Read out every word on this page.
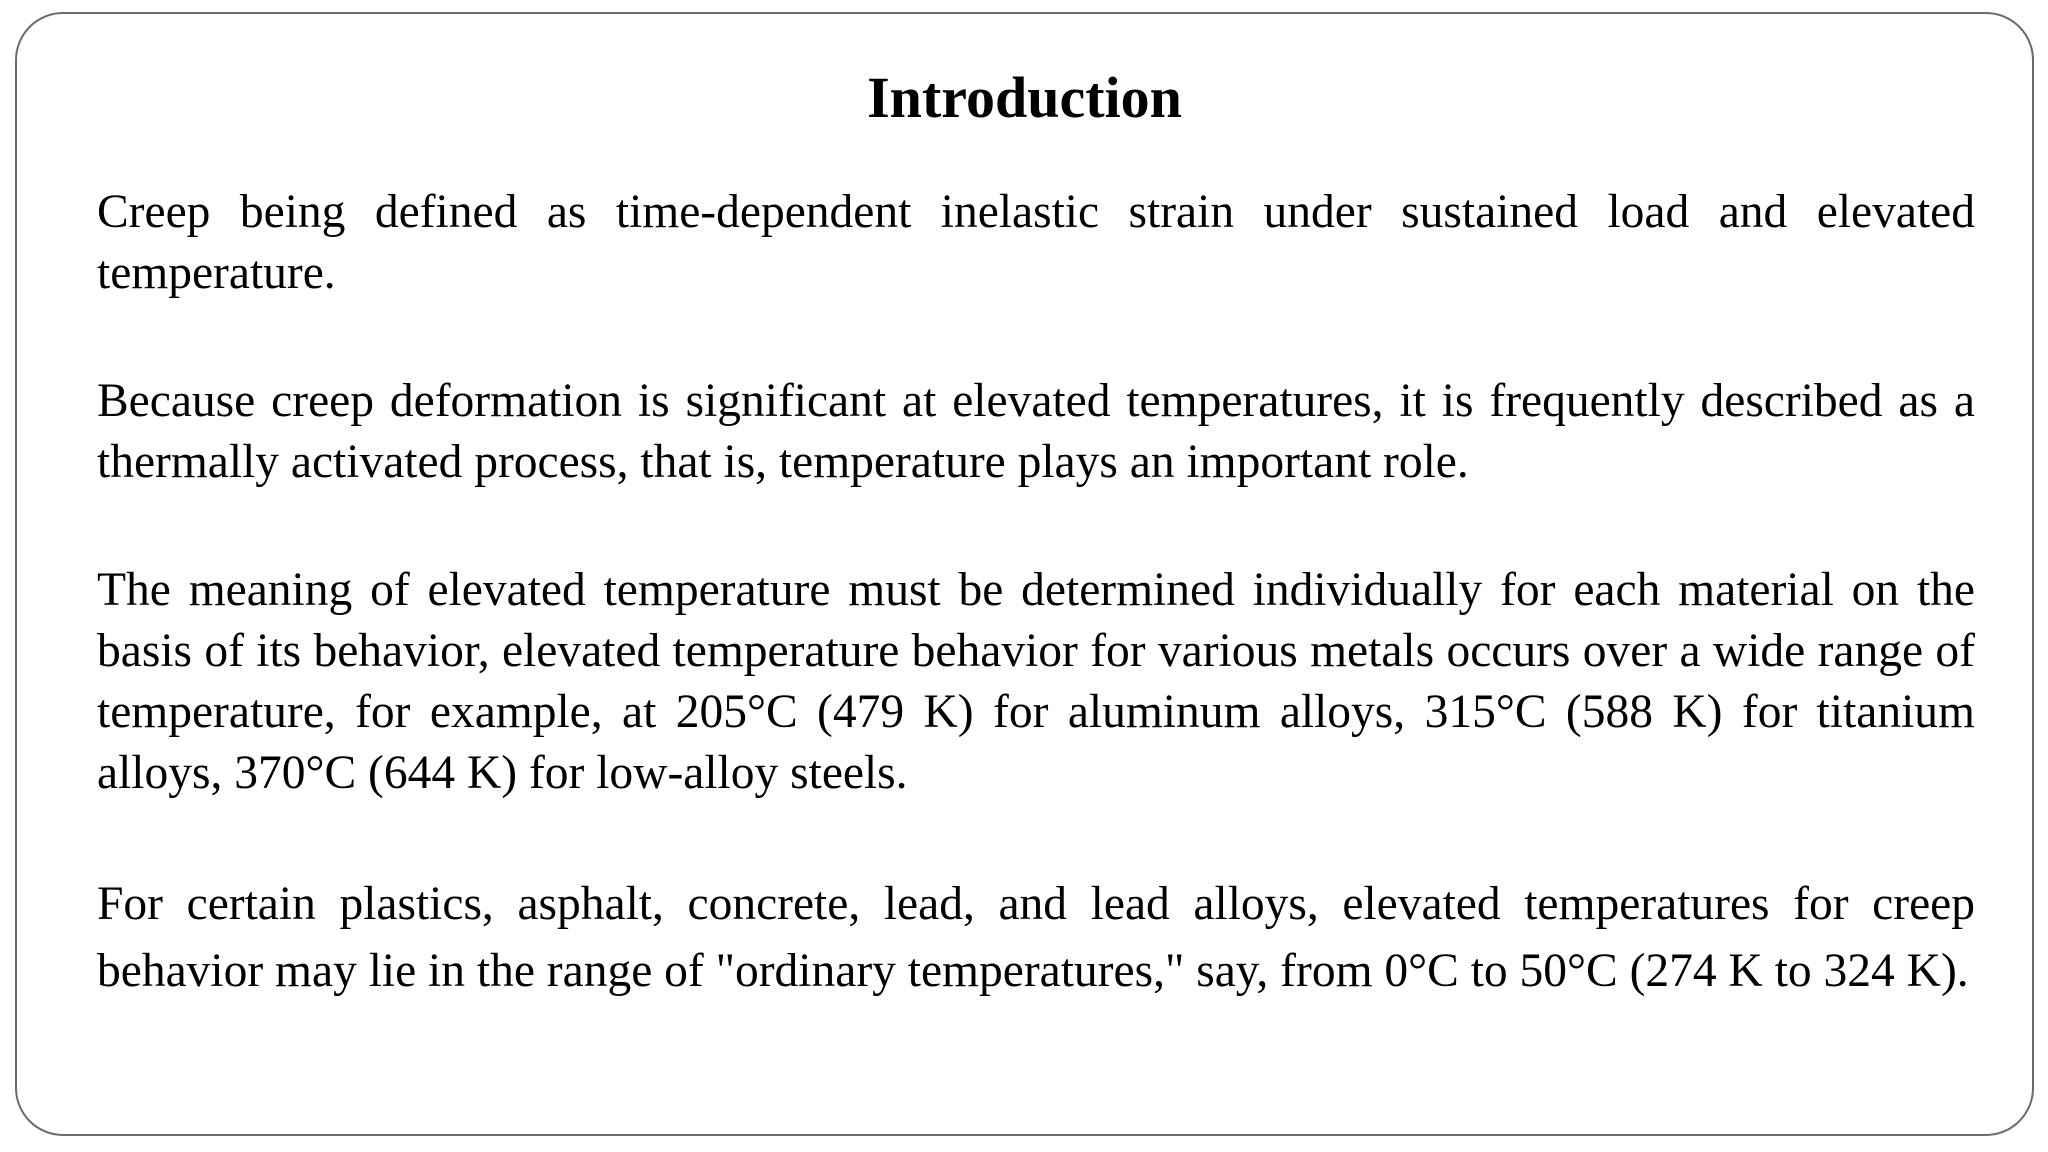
Introduction

Creep being defined as time-dependent inelastic strain under sustained load and elevated temperature.

Because creep deformation is significant at elevated temperatures, it is frequently described as a thermally activated process, that is, temperature plays an important role.

The meaning of elevated temperature must be determined individually for each material on the basis of its behavior, elevated temperature behavior for various metals occurs over a wide range of temperature, for example, at 205°C (479 K) for aluminum alloys, 315°C (588 K) for titanium alloys, 370°C (644 K) for low-alloy steels.

For certain plastics, asphalt, concrete, lead, and lead alloys, elevated temperatures for creep behavior may lie in the range of "ordinary temperatures," say, from 0°C to 50°C (274 K to 324 K).
